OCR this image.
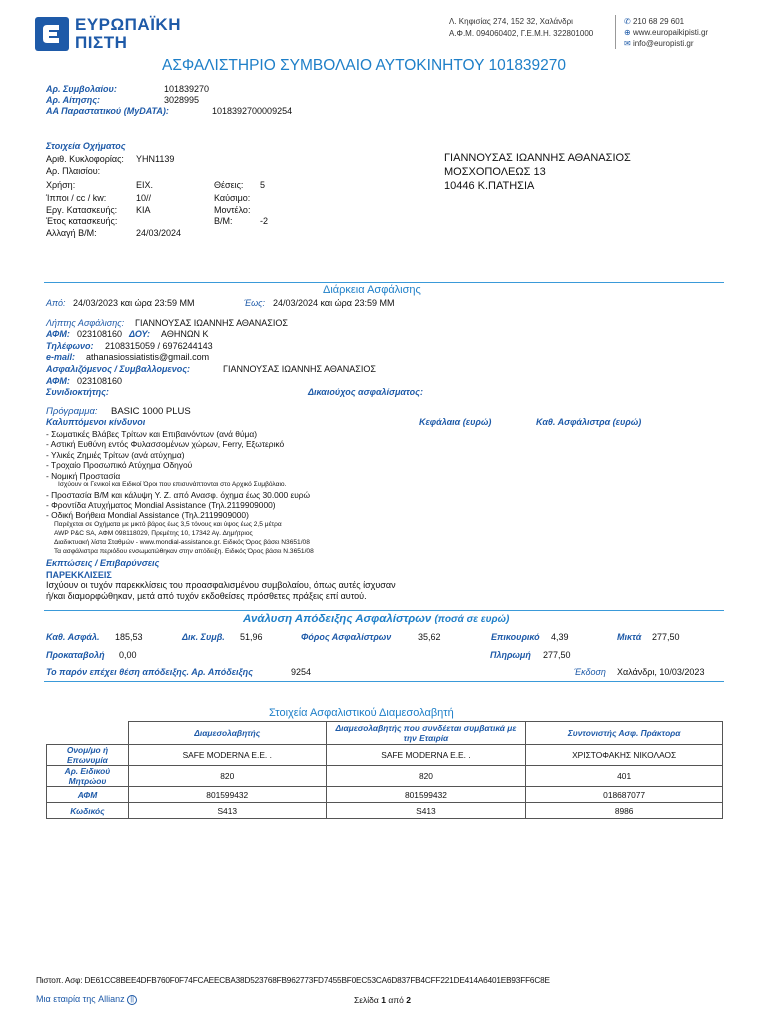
ΕΥΡΩΠΑΪΚΗ
ΠΙΣΤΗ
Λ. Κηφισίας 274, 152 32, Χαλάνδρι
Α.Φ.Μ. 094060402, Γ.Ε.Μ.Η. 322801000
✆ 210 68 29 601
⊕ www.europaikipisti.gr
✉ info@europisti.gr
ΑΣΦΑΛΙΣΤΗΡΙΟ ΣΥΜΒΟΛΑΙΟ ΑΥΤΟΚΙΝΗΤΟΥ 101839270
Αρ. Συμβολαίου:	101839270
Αρ. Αίτησης:	3028995
ΑΑ Παραστατικού (MyDATA):	1018392700009254
Στοιχεία Οχήματος
Αριθ. Κυκλοφορίας: ΥΗΝ1139
Αρ. Πλαισίου:
Χρήση:	ΕΙΧ.	Θέσεις: 5
Ίπποι / cc / kw:	10//	Καύσιμο:
Εργ. Κατασκευής: KIA	Μοντέλο:
Έτος κατασκευής:	Β/Μ:	-2
Αλλαγή Β/Μ:	24/03/2024
ΓΙΑΝΝΟΥΣΑΣ ΙΩΑΝΝΗΣ ΑΘΑΝΑΣΙΟΣ
ΜΟΣΧΟΠΟΛΕΩΣ 13
10446 Κ.ΠΑΤΗΣΙΑ
Διάρκεια Ασφάλισης
Από: 24/03/2023 και ώρα 23:59 ΜΜ	Έως: 24/03/2024 και ώρα 23:59 ΜΜ
Λήπτης Ασφάλισης: ΓΙΑΝΝΟΥΣΑΣ ΙΩΑΝΝΗΣ ΑΘΑΝΑΣΙΟΣ
ΑΦΜ: 023108160 ΔΟΥ: ΑΘΗΝΩΝ Κ
Τηλέφωνο: 2108315059 / 6976244143
e-mail: athanasiossiatistis@gmail.com
Ασφαλιζόμενος / Συμβαλλομενος:	ΓΙΑΝΝΟΥΣΑΣ ΙΩΑΝΝΗΣ ΑΘΑΝΑΣΙΟΣ
ΑΦΜ: 023108160
Συνιδιοκτήτης:	Δικαιούχος ασφαλίσματος:
Πρόγραμμα: BASIC 1000 PLUS
Καλυπτόμενοι κίνδυνοι	Κεφάλαια (ευρώ)	Καθ. Ασφάλιστρα (ευρώ)
- Σωματικές Βλάβες Τρίτων και Επιβαινόντων (ανά θύμα)
- Αστική Ευθύνη εντός Φυλασσομένων χώρων, Ferry, Εξωτερικό
- Υλικές Ζημιές Τρίτων (ανά ατύχημα)
- Τροχαίο Προσωπικό Ατύχημα Οδηγού
- Νομική Προστασία
Ισχύουν οι Γενικοί και Ειδικοί Όροι που επισυνάπτονται στο Αρχικό Συμβόλαιο.
- Προστασία Β/Μ και κάλυψη Υ. Ζ. από Ανασφ. όχημα έως 30.000 ευρώ
- Φροντίδα Ατυχήματος Mondial Assistance (Τηλ.2119909000)
- Οδική Βοήθεια Mondial Assistance (Τηλ.2119909000)
Παρέχεται σε Οχήματα με μικτό βάρος έως 3,5 τόνους και ύψος έως 2,5 μέτρα
AWP P&C SA, ΑΦΜ 098118029, Πρεμέτης 10, 17342 Αγ. Δημήτριος
Διαδικτυακή λίστα Σταθμών - www.mondial-assistance.gr. Ειδικός Όρος βάσει Ν3651/08
Τα ασφάλιστρα περιόδου ενσωματώθηκαν στην απόδειξη. Ειδικός Όρος βάσει Ν.3651/08
Εκπτώσεις / Επιβαρύνσεις
ΠΑΡΕΚΚΛΙΣΕΙΣ
Ισχύουν οι τυχόν παρεκκλίσεις του προασφαλισμένου συμβολαίου, όπως αυτές ίσχυσαν
ή/και διαμορφώθηκαν, μετά από τυχόν εκδοθείσες πρόσθετες πράξεις επί αυτού.
Ανάλυση Απόδειξης Ασφαλίστρων (ποσά σε ευρώ)
Καθ. Ασφάλ. 185,53	Δικ. Συμβ. 51,96	Φόρος Ασφαλίστρων	35,62	Επικουρικό 4,39	Μικτά 277,50
Προκαταβολή 0,00	Πληρωμή 277,50
Το παρόν επέχει θέση απόδειξης. Αρ. Απόδειξης	9254	Έκδοση Χαλάνδρι, 10/03/2023
Στοιχεία Ασφαλιστικού Διαμεσολαβητή
	Διαμεσολαβητής	Διαμεσολαβητής που συνδέεται συμβατικά με την Εταιρία	Συντονιστής Ασφ. Πράκτορα
Ονομ/μο ή Επωνυμία	SAFE MODERNA E.E. .	SAFE MODERNA E.E. .	ΧΡΙΣΤΟΦΑΚΗΣ ΝΙΚΟΛΑΟΣ
Αρ. Ειδικού Μητρώου	820	820	401
ΑΦΜ	801599432	801599432	018687077
Κωδικός	S413	S413	8986
Πιστοπ. Ασφ: DE61CC8BEE4DFB760F0F74FCAEECBA38D523768FB962773FD7455BF0EC53CA6D837FB4CFF221DE414A6401EB93FF6C8E
Μια εταιρία της Allianz ||	Σελίδα 1 από 2
